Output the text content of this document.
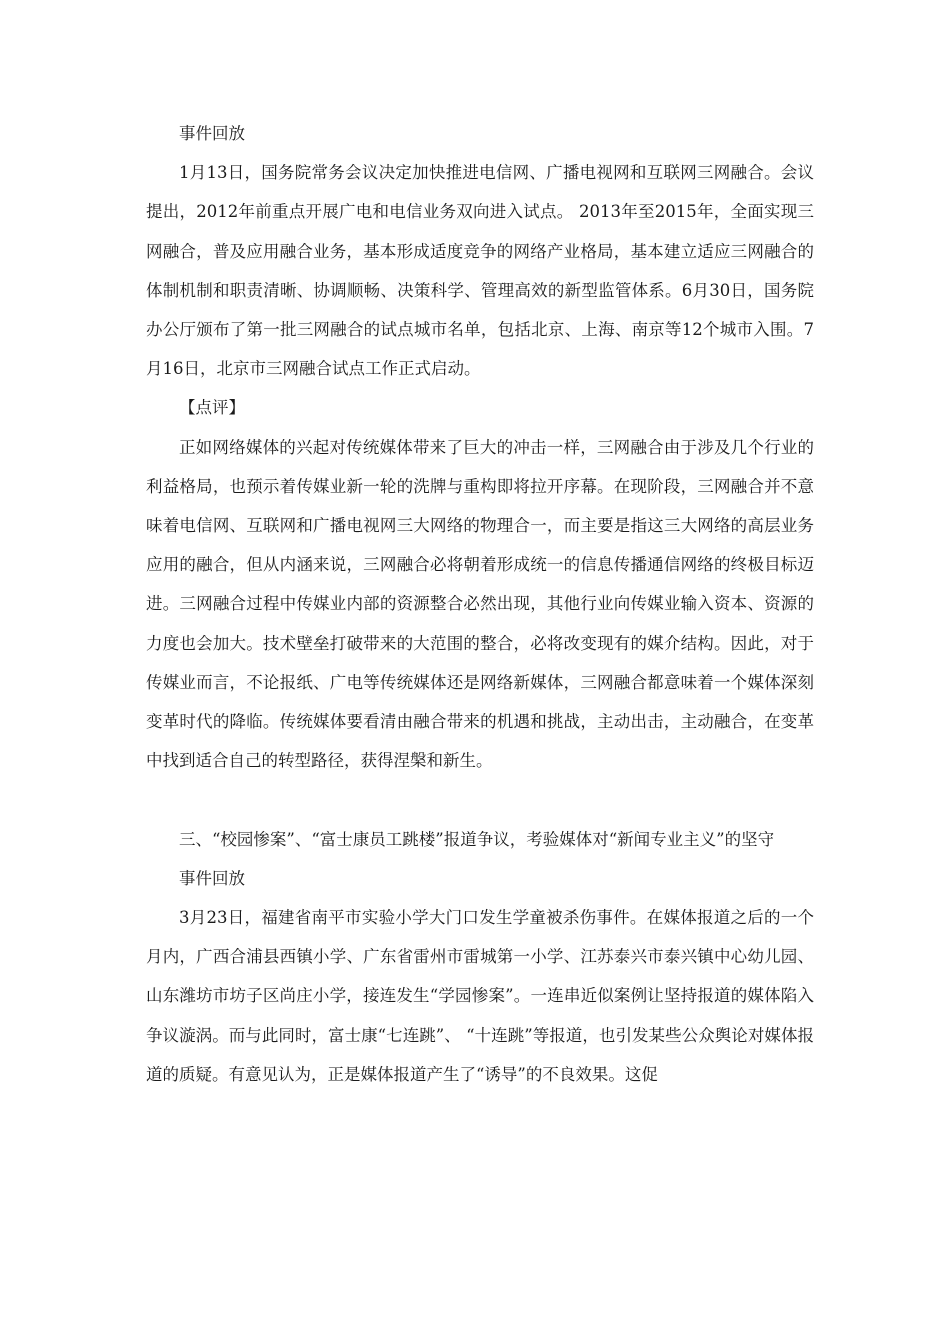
事件回放

1月13日，国务院常务会议决定加快推进电信网、广播电视网和互联网三网融合。会议提出，2012年前重点开展广电和电信业务双向进入试点。 2013年至2015年，全面实现三网融合，普及应用融合业务，基本形成适度竞争的网络产业格局，基本建立适应三网融合的体制机制和职责清晰、协调顺畅、决策科学、管理高效的新型监管体系。6月30日，国务院办公厅颁布了第一批三网融合的试点城市名单，包括北京、上海、南京等12个城市入围。7月16日，北京市三网融合试点工作正式启动。

【点评】

正如网络媒体的兴起对传统媒体带来了巨大的冲击一样，三网融合由于涉及几个行业的利益格局，也预示着传媒业新一轮的洗牌与重构即将拉开序幕。在现阶段，三网融合并不意味着电信网、互联网和广播电视网三大网络的物理合一，而主要是指这三大网络的高层业务应用的融合，但从内涵来说，三网融合必将朝着形成统一的信息传播通信网络的终极目标迈进。三网融合过程中传媒业内部的资源整合必然出现，其他行业向传媒业输入资本、资源的力度也会加大。技术壁垒打破带来的大范围的整合，必将改变现有的媒介结构。因此，对于传媒业而言，不论报纸、广电等传统媒体还是网络新媒体，三网融合都意味着一个媒体深刻变革时代的降临。传统媒体要看清由融合带来的机遇和挑战，主动出击，主动融合，在变革中找到适合自己的转型路径，获得涅槃和新生。

三、“校园惨案”、“富士康员工跳楼”报道争议，考验媒体对“新闻专业主义”的坚守

事件回放

3月23日，福建省南平市实验小学大门口发生学童被杀伤事件。在媒体报道之后的一个月内，广西合浦县西镇小学、广东省雷州市雷城第一小学、江苏泰兴市泰兴镇中心幼儿园、山东潍坊市坊子区尚庄小学，接连发生“学园惨案”。一连串近似案例让坚持报道的媒体陷入争议漩涡。而与此同时，富士康“七连跳”、 “十连跳”等报道，也引发某些公众舆论对媒体报道的质疑。有意见认为，正是媒体报道产生了“诱导”的不良效果。这促
